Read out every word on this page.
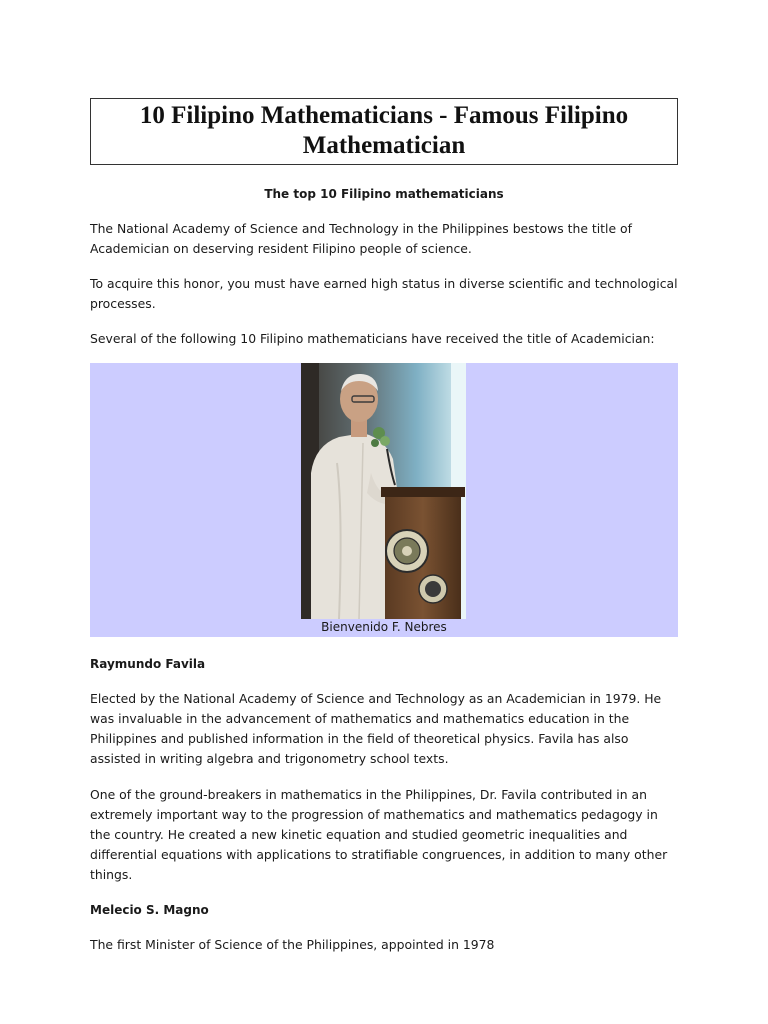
10 Filipino Mathematicians - Famous Filipino Mathematician
The top 10 Filipino mathematicians

The National Academy of Science and Technology in the Philippines bestows the title of Academician on deserving resident Filipino people of science.

To acquire this honor, you must have earned high status in diverse scientific and technological processes.

Several of the following 10 Filipino mathematicians have received the title of Academician:

Bienvenido F. Nebres
Raymundo Favila

Elected by the National Academy of Science and Technology as an Academician in 1979. He was invaluable in the advancement of mathematics and mathematics education in the Philippines and published information in the field of theoretical physics. Favila has also assisted in writing algebra and trigonometry school texts.

One of the ground-breakers in mathematics in the Philippines, Dr. Favila contributed in an extremely important way to the progression of mathematics and mathematics pedagogy in the country. He created a new kinetic equation and studied geometric inequalities and differential equations with applications to stratifiable congruences, in addition to many other things.

Melecio S. Magno

The first Minister of Science of the Philippines, appointed in 1978
